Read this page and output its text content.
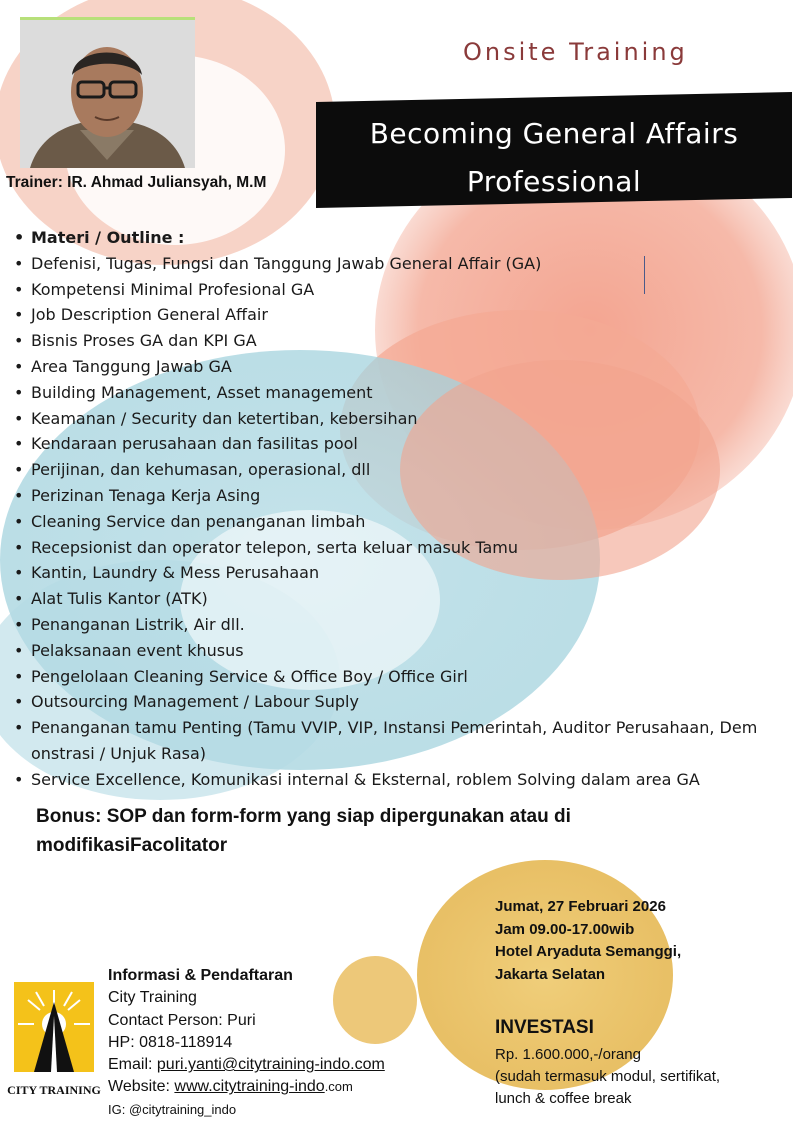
Trainer: IR. Ahmad Juliansyah, M.M
Onsite Training
Becoming General Affairs
Professional
• Materi / Outline :
• Defenisi, Tugas, Fungsi dan Tanggung Jawab General Affair (GA)
• Kompetensi Minimal Profesional GA
• Job Description General Affair
• Bisnis Proses GA dan KPI GA
• Area Tanggung Jawab GA
• Building Management, Asset management
• Keamanan / Security dan ketertiban, kebersihan
• Kendaraan perusahaan dan fasilitas pool
• Perijinan, dan kehumasan, operasional, dll
• Perizinan Tenaga Kerja Asing
• Cleaning Service dan penanganan limbah
• Recepsionist dan operator telepon, serta keluar masuk Tamu
• Kantin, Laundry & Mess Perusahaan
• Alat Tulis Kantor (ATK)
• Penanganan Listrik, Air dll.
• Pelaksanaan event khusus
• Pengelolaan Cleaning Service & Office Boy / Office Girl
• Outsourcing Management / Labour Suply
• Penanganan tamu Penting (Tamu VVIP, VIP, Instansi Pemerintah, Auditor Perusahaan, Dem onstrasi / Unjuk Rasa)
• Service Excellence, Komunikasi internal & Eksternal, roblem Solving dalam area GA
Bonus: SOP dan form-form yang siap dipergunakan atau di
modifikasiFacolitator
Jumat, 27 Februari 2026
Jam 09.00-17.00wib
Hotel Aryaduta Semanggi,
Jakarta Selatan
INVESTASI
Rp. 1.600.000,-/orang
(sudah termasuk modul, sertifikat,
lunch & coffee break
CITY TRAINING
Informasi & Pendaftaran
City Training
Contact Person: Puri
HP: 0818-118914
Email: puri.yanti@citytraining-indo.com
Website: www.citytraining-indo.com
IG: @citytraining_indo
